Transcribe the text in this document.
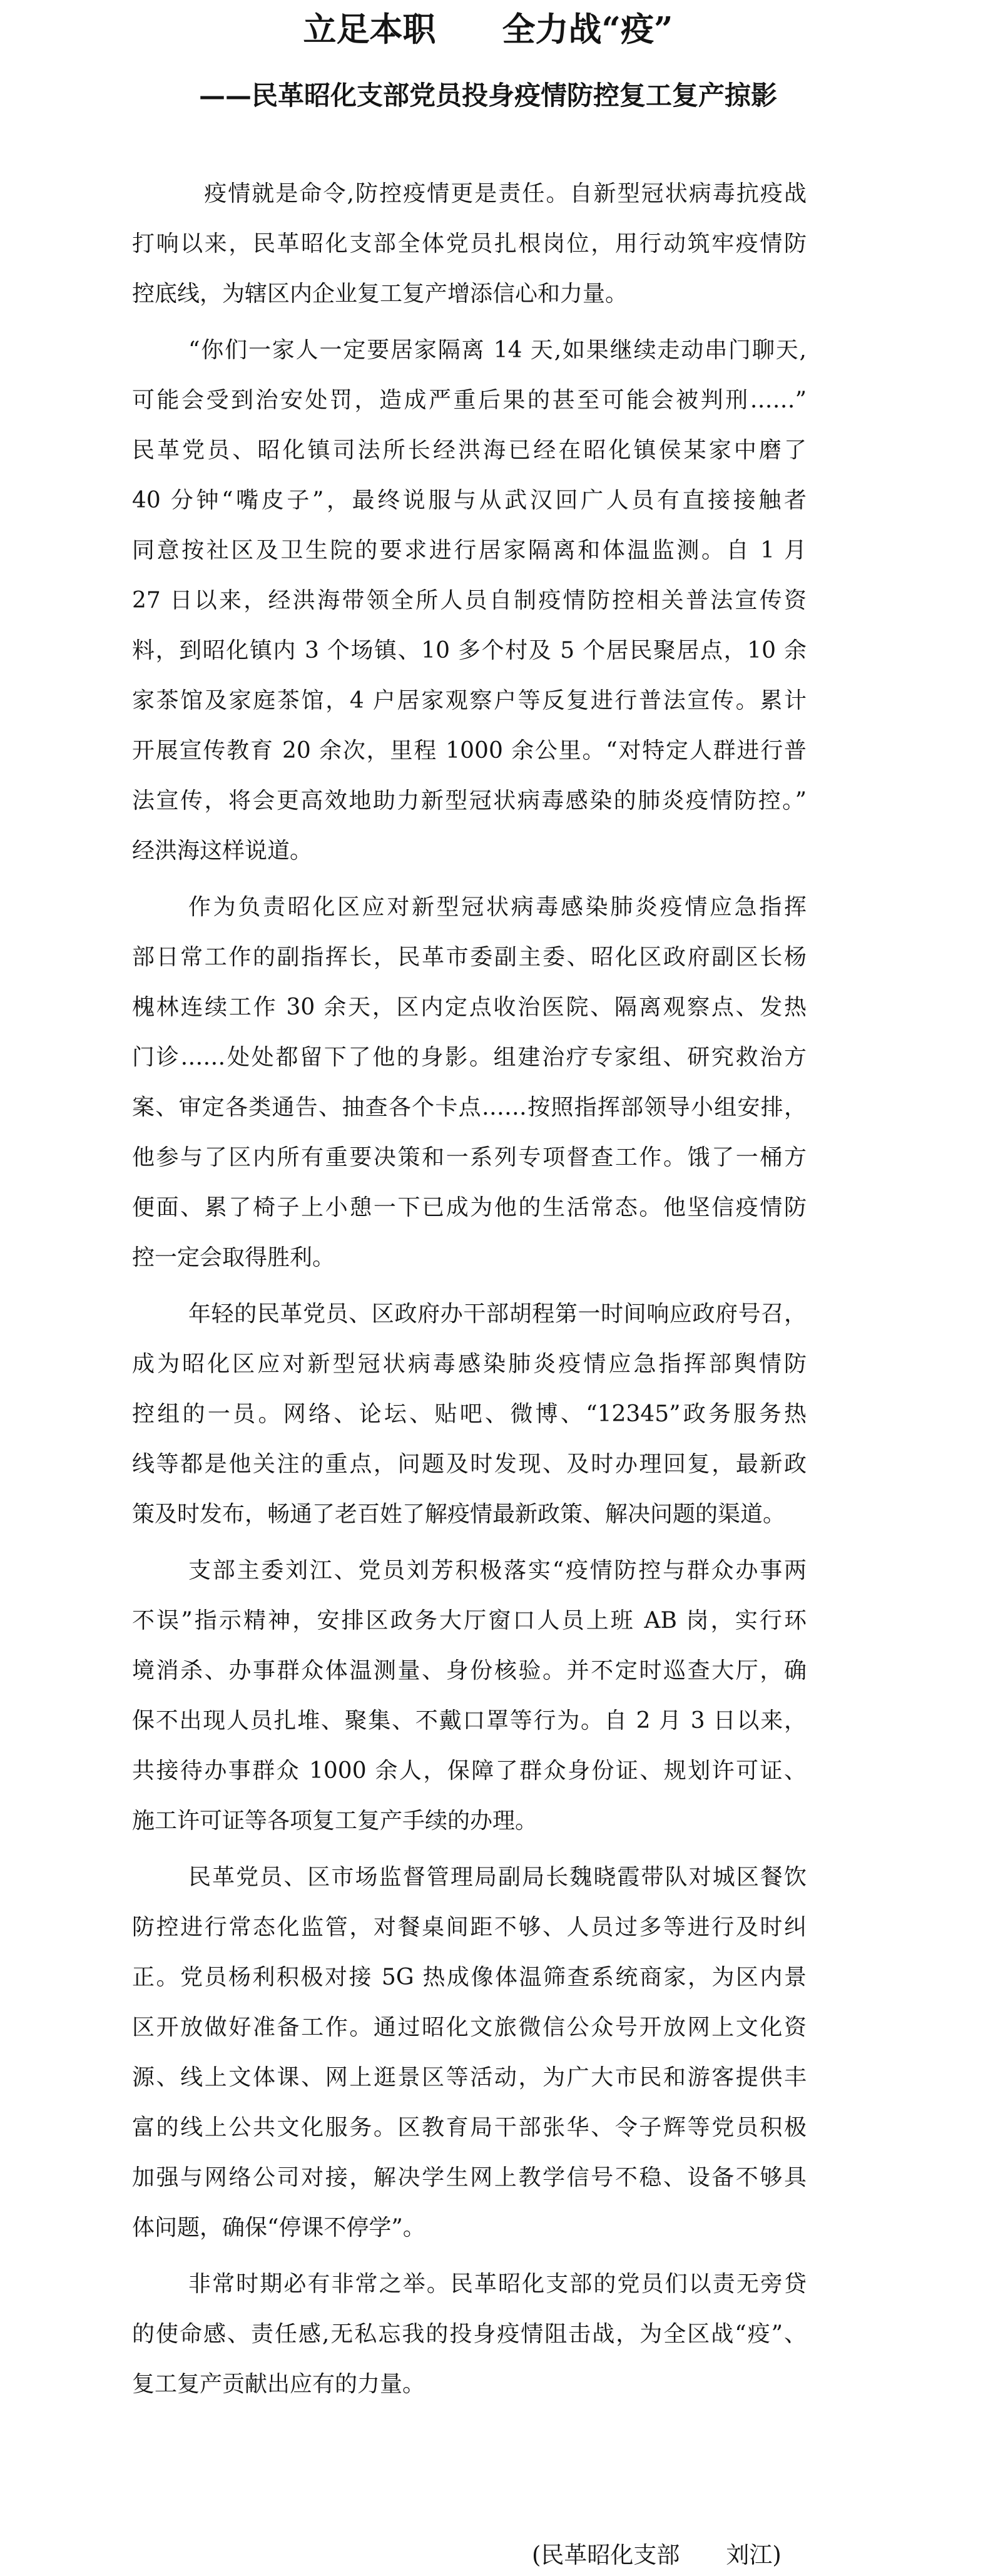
立足本职　　全力战“疫”
——民革昭化支部党员投身疫情防控复工复产掠影
疫情就是命令,防控疫情更是责任。自新型冠状病毒抗疫战
打响以来，民革昭化支部全体党员扎根岗位，用行动筑牢疫情防
控底线，为辖区内企业复工复产增添信心和力量。
“你们一家人一定要居家隔离 14 天,如果继续走动串门聊天,
可能会受到治安处罚，造成严重后果的甚至可能会被判刑……”
民革党员、昭化镇司法所长经洪海已经在昭化镇侯某家中磨了
40 分钟“嘴皮子”，最终说服与从武汉回广人员有直接接触者
同意按社区及卫生院的要求进行居家隔离和体温监测。自 1 月
27 日以来，经洪海带领全所人员自制疫情防控相关普法宣传资
料，到昭化镇内 3 个场镇、10 多个村及 5 个居民聚居点，10 余
家茶馆及家庭茶馆，4 户居家观察户等反复进行普法宣传。累计
开展宣传教育 20 余次，里程 1000 余公里。“对特定人群进行普
法宣传，将会更高效地助力新型冠状病毒感染的肺炎疫情防控。”
经洪海这样说道。
作为负责昭化区应对新型冠状病毒感染肺炎疫情应急指挥
部日常工作的副指挥长，民革市委副主委、昭化区政府副区长杨
槐林连续工作 30 余天，区内定点收治医院、隔离观察点、发热
门诊……处处都留下了他的身影。组建治疗专家组、研究救治方
案、审定各类通告、抽查各个卡点……按照指挥部领导小组安排，
他参与了区内所有重要决策和一系列专项督查工作。饿了一桶方
便面、累了椅子上小憩一下已成为他的生活常态。他坚信疫情防
控一定会取得胜利。
年轻的民革党员、区政府办干部胡程第一时间响应政府号召，
成为昭化区应对新型冠状病毒感染肺炎疫情应急指挥部舆情防
控组的一员。网络、论坛、贴吧、微博、“12345”政务服务热
线等都是他关注的重点，问题及时发现、及时办理回复，最新政
策及时发布，畅通了老百姓了解疫情最新政策、解决问题的渠道。
支部主委刘江、党员刘芳积极落实“疫情防控与群众办事两
不误”指示精神，安排区政务大厅窗口人员上班 AB 岗，实行环
境消杀、办事群众体温测量、身份核验。并不定时巡查大厅，确
保不出现人员扎堆、聚集、不戴口罩等行为。自 2 月 3 日以来，
共接待办事群众 1000 余人，保障了群众身份证、规划许可证、
施工许可证等各项复工复产手续的办理。
民革党员、区市场监督管理局副局长魏晓霞带队对城区餐饮
防控进行常态化监管，对餐桌间距不够、人员过多等进行及时纠
正。党员杨利积极对接 5G 热成像体温筛查系统商家，为区内景
区开放做好准备工作。通过昭化文旅微信公众号开放网上文化资
源、线上文体课、网上逛景区等活动，为广大市民和游客提供丰
富的线上公共文化服务。区教育局干部张华、令子辉等党员积极
加强与网络公司对接，解决学生网上教学信号不稳、设备不够具
体问题，确保“停课不停学”。
非常时期必有非常之举。民革昭化支部的党员们以责无旁贷
的使命感、责任感,无私忘我的投身疫情阻击战，为全区战“疫”、
复工复产贡献出应有的力量。
(民革昭化支部　　刘江)
